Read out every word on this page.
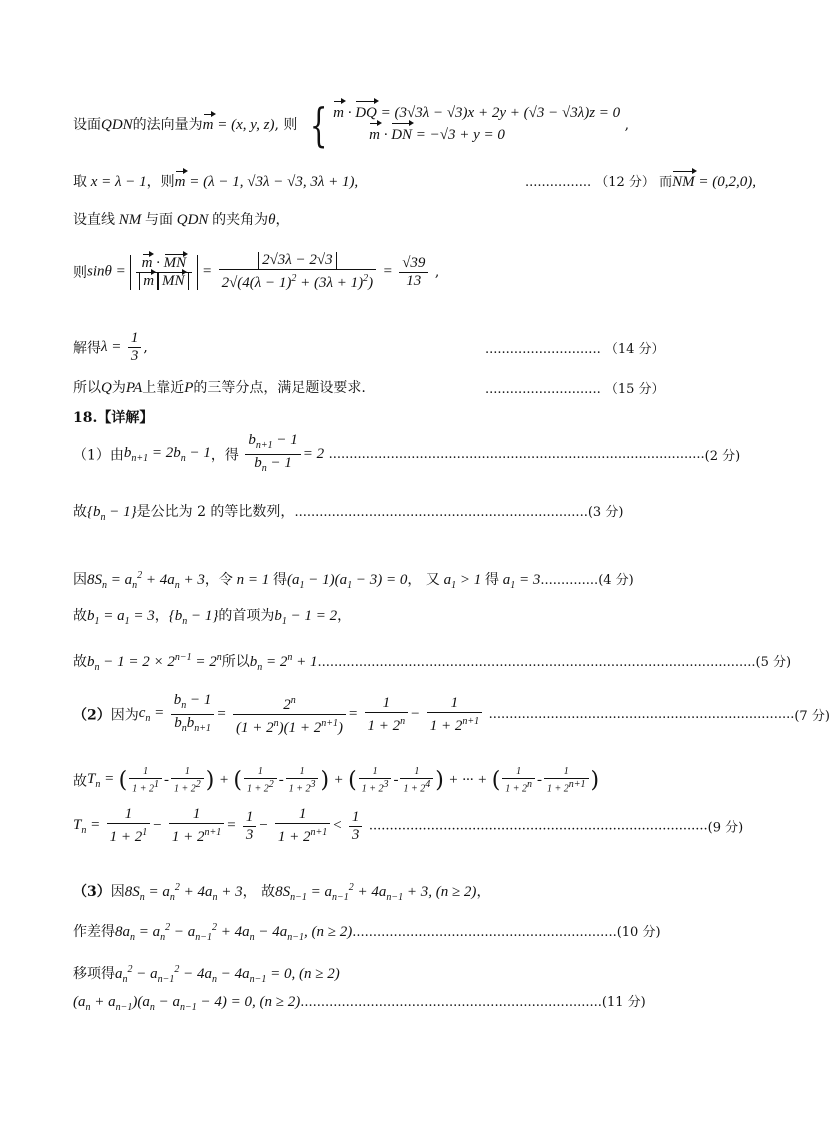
设面QDN的法向量为m = (x, y, z), 则 { m · DQ = (3√3λ − √3)x + 2y + (√3 − √3λ)z = 0
m · DN = −√3 + y = 0
,
取 x = λ − 1，则m = (λ − 1, √3λ − √3, 3λ + 1),	................ （12 分） 而NM = (0,2,0),
设直线 NM 与面 QDN 的夹角为θ，
则$\sin\theta = \frac{m \cdot MN}{\text{m MN}} = \frac{2√3\lambda - 2√3}{2√(4(\lambda - 1)^2 + (3\lambda + 1)^2)} = \frac{√39}{13}$ ,
解得$\lambda = \frac{1}{3}$ ,	............................ （14 分）
所以Q为PA上靠近P的三等分点，满足题设要求.	............................ （15 分）
18.【详解】
（1）由$b_{n+1} = 2b_n - 1$，得 $\frac{b_{n+1} - 1}{b_n - 1} = 2$ ...........................................................................................(2 分)
故$\{b_n - 1\}$是公比为 2 的等比数列，.......................................................................(3 分)
因$8S_n = a_n^2 + 4a_n + 3$，令 n = 1 得$(a_1 - 1)(a_1 - 3) = 0$， 又 $a_1 > 1$ 得 $a_1 = 3..............(4$ 分)
故$b_1 = a_1 = 3$，$\{b_n - 1\}$的首项为$b_1 - 1 = 2$，
故$b_n - 1 = 2 \times 2^{n-1} = 2^n$所以$b_n = 2^n + 1..........................................................................................................(5$ 分)
（2）因为$c_n = \frac{b_n - 1}{b_nb_{n+1}} = \frac{2^n}{(1 + 2^n)(1 + 2^{n+1})} = \frac{1}{1 + 2^n} - \frac{1}{1 + 2^{n+1}} ..........................................................................(7$ 分)
故$T_n$ = ( $\frac{1}{1 + 2^1} - \frac{1}{1 + 2^2}$ ) + ( $\frac{1}{1 + 2^2} - \frac{1}{1 + 2^3}$ ) + ( $\frac{1}{1 + 2^3} - \frac{1}{1 + 2^4}$ ) + ··· + ( $\frac{1}{1 + 2^n} - \frac{1}{1 + 2^{n+1}}$ )
$T_n = \frac{1}{1 + 2^1} - \frac{1}{1 + 2^{n+1}} = \frac{1}{3} - \frac{1}{1 + 2^{n+1}} < \frac{1}{3} ..................................................................................(9$ 分)
（3）因$8S_n = a_n^2 + 4a_n + 3$， 故$8S_{n-1} = a_{n-1}^2 + 4a_{n-1} + 3$, (n ≥ 2)，
作差得$8a_n = a_n^2 - a_{n-1}^2 + 4a_n - 4a_{n-1}$, (n ≥ 2)................................................................(10 分)
移项得$a_n^2 - a_{n-1}^2 - 4a_n - 4a_{n-1} = 0$, (n ≥ 2)
$(a_n + a_{n-1})(a_n - a_{n-1} - 4) = 0$, (n ≥ 2).........................................................................(11 分)
